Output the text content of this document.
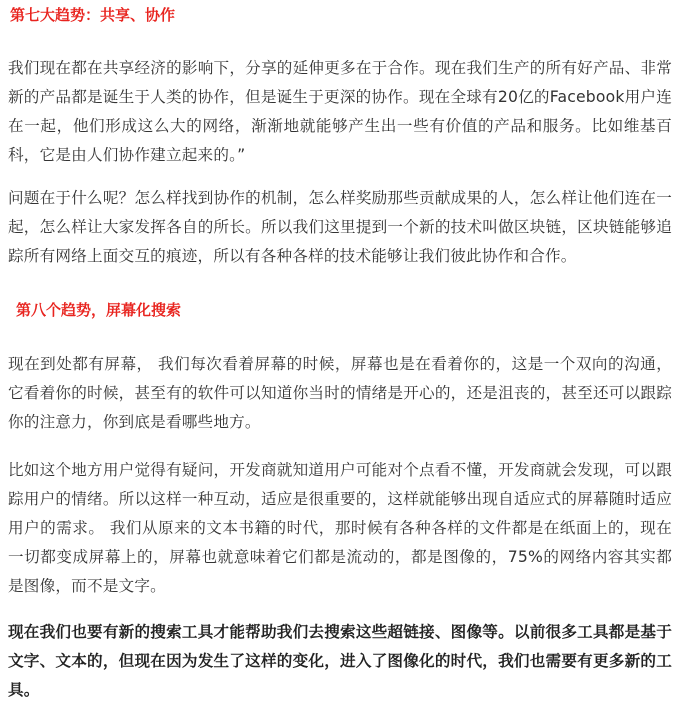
第七大趋势：共享、协作

我们现在都在共享经济的影响下，分享的延伸更多在于合作。现在我们生产的所有好产品、非常新的产品都是诞生于人类的协作，但是诞生于更深的协作。现在全球有20亿的Facebook用户连在一起，他们形成这么大的网络，渐渐地就能够产生出一些有价值的产品和服务。比如维基百科，它是由人们协作建立起来的。”

问题在于什么呢？怎么样找到协作的机制，怎么样奖励那些贡献成果的人，怎么样让他们连在一起，怎么样让大家发挥各自的所长。所以我们这里提到一个新的技术叫做区块链，区块链能够追踪所有网络上面交互的痕迹，所以有各种各样的技术能够让我们彼此协作和合作。

第八个趋势，屏幕化搜索

现在到处都有屏幕， 我们每次看着屏幕的时候，屏幕也是在看着你的，这是一个双向的沟通，它看着你的时候，甚至有的软件可以知道你当时的情绪是开心的，还是沮丧的，甚至还可以跟踪你的注意力，你到底是看哪些地方。

比如这个地方用户觉得有疑问，开发商就知道用户可能对个点看不懂，开发商就会发现，可以跟踪用户的情绪。所以这样一种互动，适应是很重要的，这样就能够出现自适应式的屏幕随时适应用户的需求。 我们从原来的文本书籍的时代，那时候有各种各样的文件都是在纸面上的，现在一切都变成屏幕上的，屏幕也就意味着它们都是流动的，都是图像的，75%的网络内容其实都是图像，而不是文字。

现在我们也要有新的搜索工具才能帮助我们去搜索这些超链接、图像等。以前很多工具都是基于文字、文本的，但现在因为发生了这样的变化，进入了图像化的时代，我们也需要有更多新的工具。
